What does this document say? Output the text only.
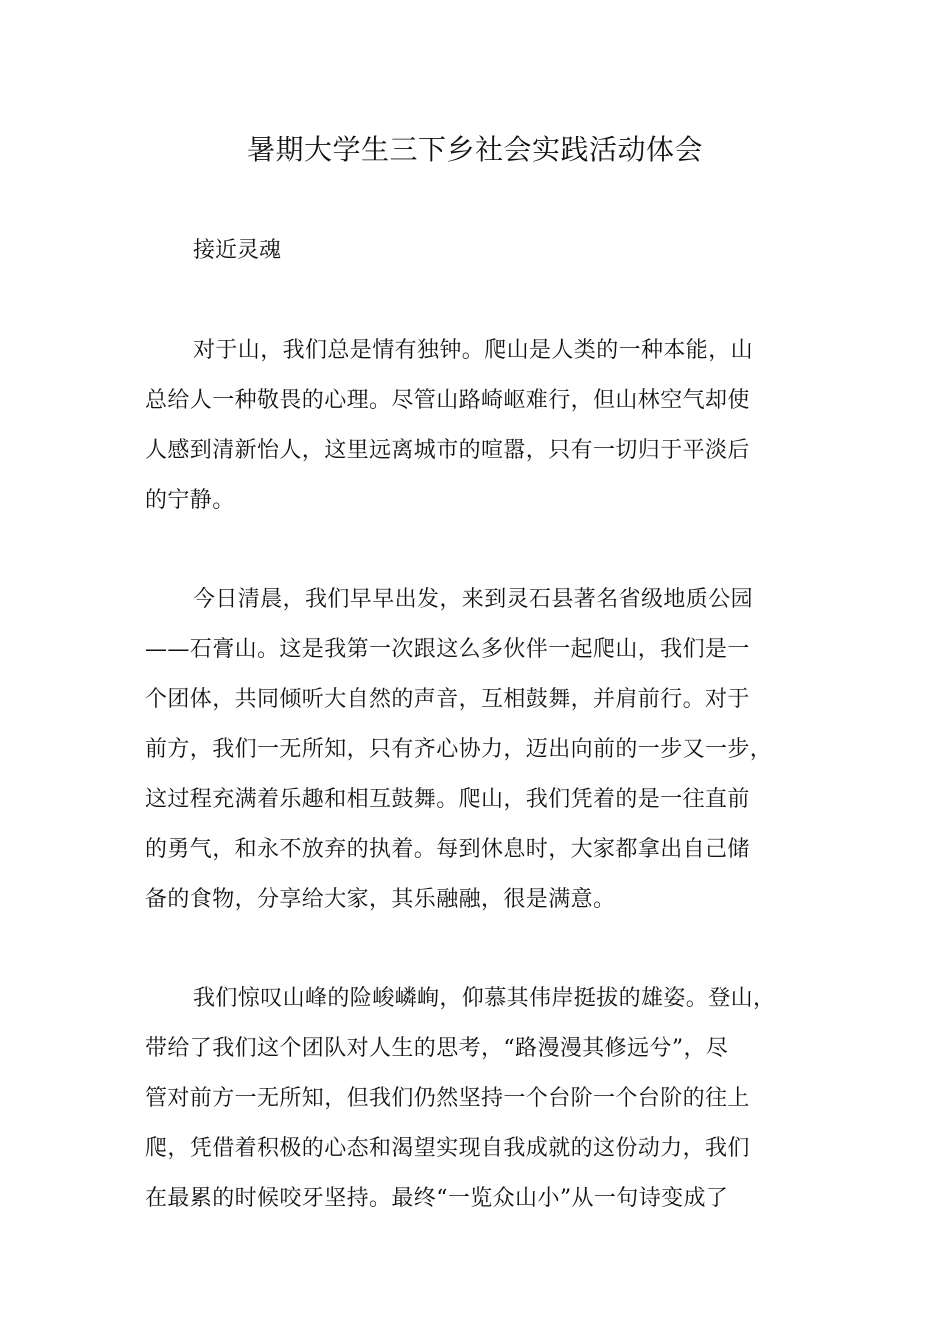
暑期大学生三下乡社会实践活动体会
接近灵魂
对于山，我们总是情有独钟。爬山是人类的一种本能，山
总给人一种敬畏的心理。尽管山路崎岖难行，但山林空气却使
人感到清新怡人，这里远离城市的喧嚣，只有一切归于平淡后
的宁静。
今日清晨，我们早早出发，来到灵石县著名省级地质公园
——石膏山。这是我第一次跟这么多伙伴一起爬山，我们是一
个团体，共同倾听大自然的声音，互相鼓舞，并肩前行。对于
前方，我们一无所知，只有齐心协力，迈出向前的一步又一步，
这过程充满着乐趣和相互鼓舞。爬山，我们凭着的是一往直前
的勇气，和永不放弃的执着。每到休息时，大家都拿出自己储
备的食物，分享给大家，其乐融融，很是满意。
我们惊叹山峰的险峻嶙峋，仰慕其伟岸挺拔的雄姿。登山，
带给了我们这个团队对人生的思考，“路漫漫其修远兮”，尽
管对前方一无所知，但我们仍然坚持一个台阶一个台阶的往上
爬，凭借着积极的心态和渴望实现自我成就的这份动力，我们
在最累的时候咬牙坚持。最终“一览众山小”从一句诗变成了
